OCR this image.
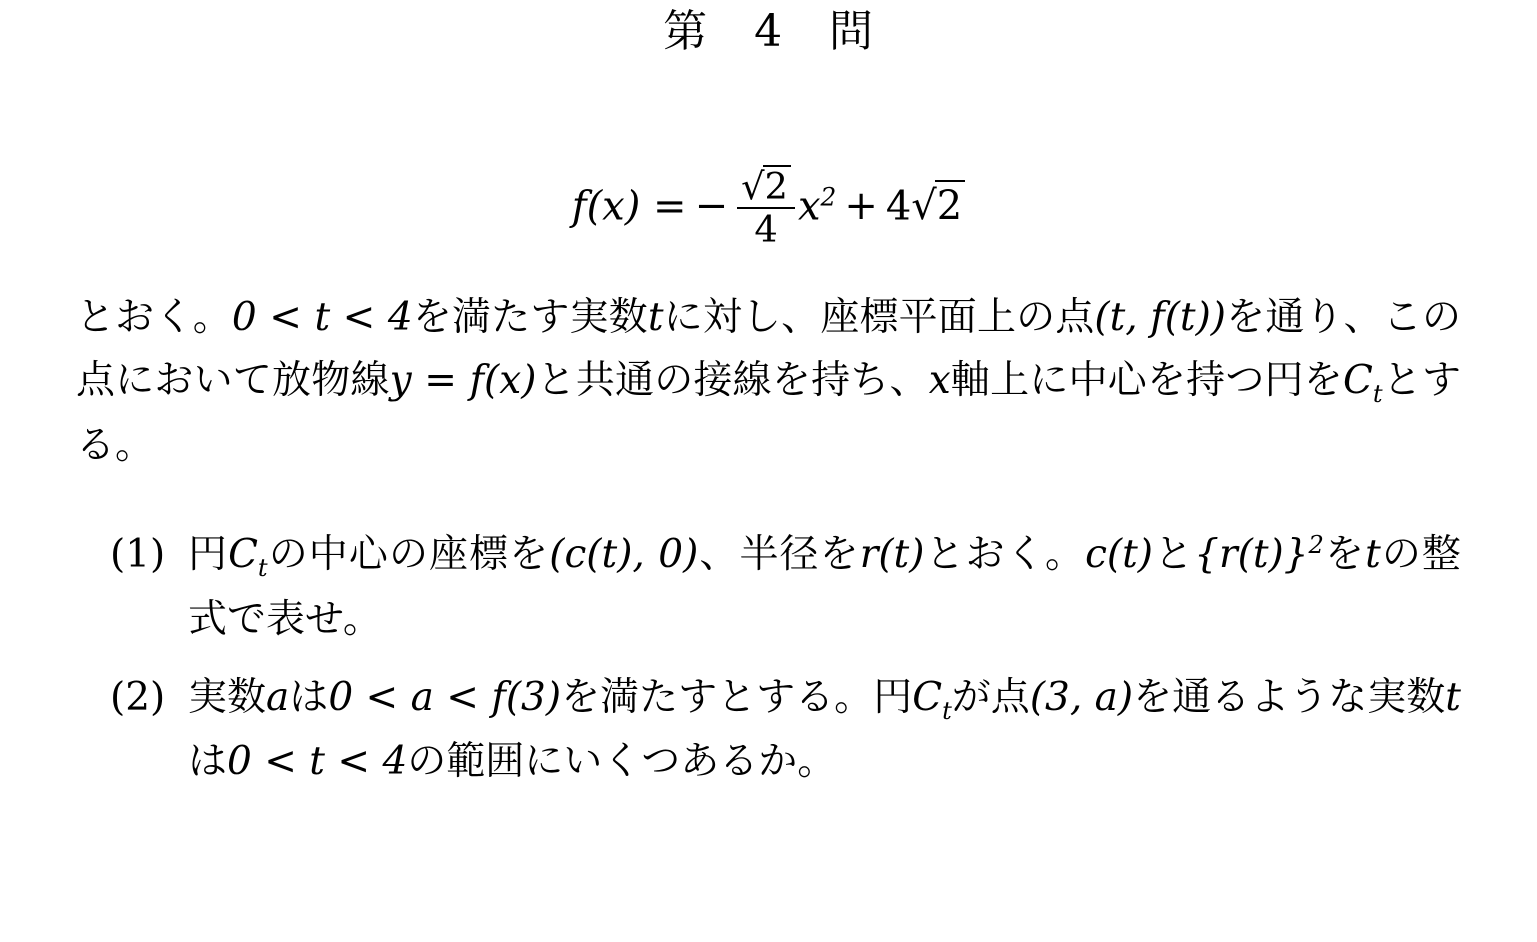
第 4 問
f(x) = − $\frac{√2}{4} x^2 + 4√2$
とおく。0 < t < 4を満たす実数tに対し、座標平面上の点(t, f(t))を通り、この点において放物線y = f(x)と共通の接線を持ち、x軸上に中心を持つ円を$C_t$とする。
(1) 円$C_t$の中心の座標を(c(t), 0)、半径をr(t)とおく。c(t)と$\{r(t)\}^2$をtの整式で表せ。
(2) 実数aは0 < a < f(3)を満たすとする。円$C_t$が点(3, a)を通るような実数tは0 < t < 4の範囲にいくつあるか。
